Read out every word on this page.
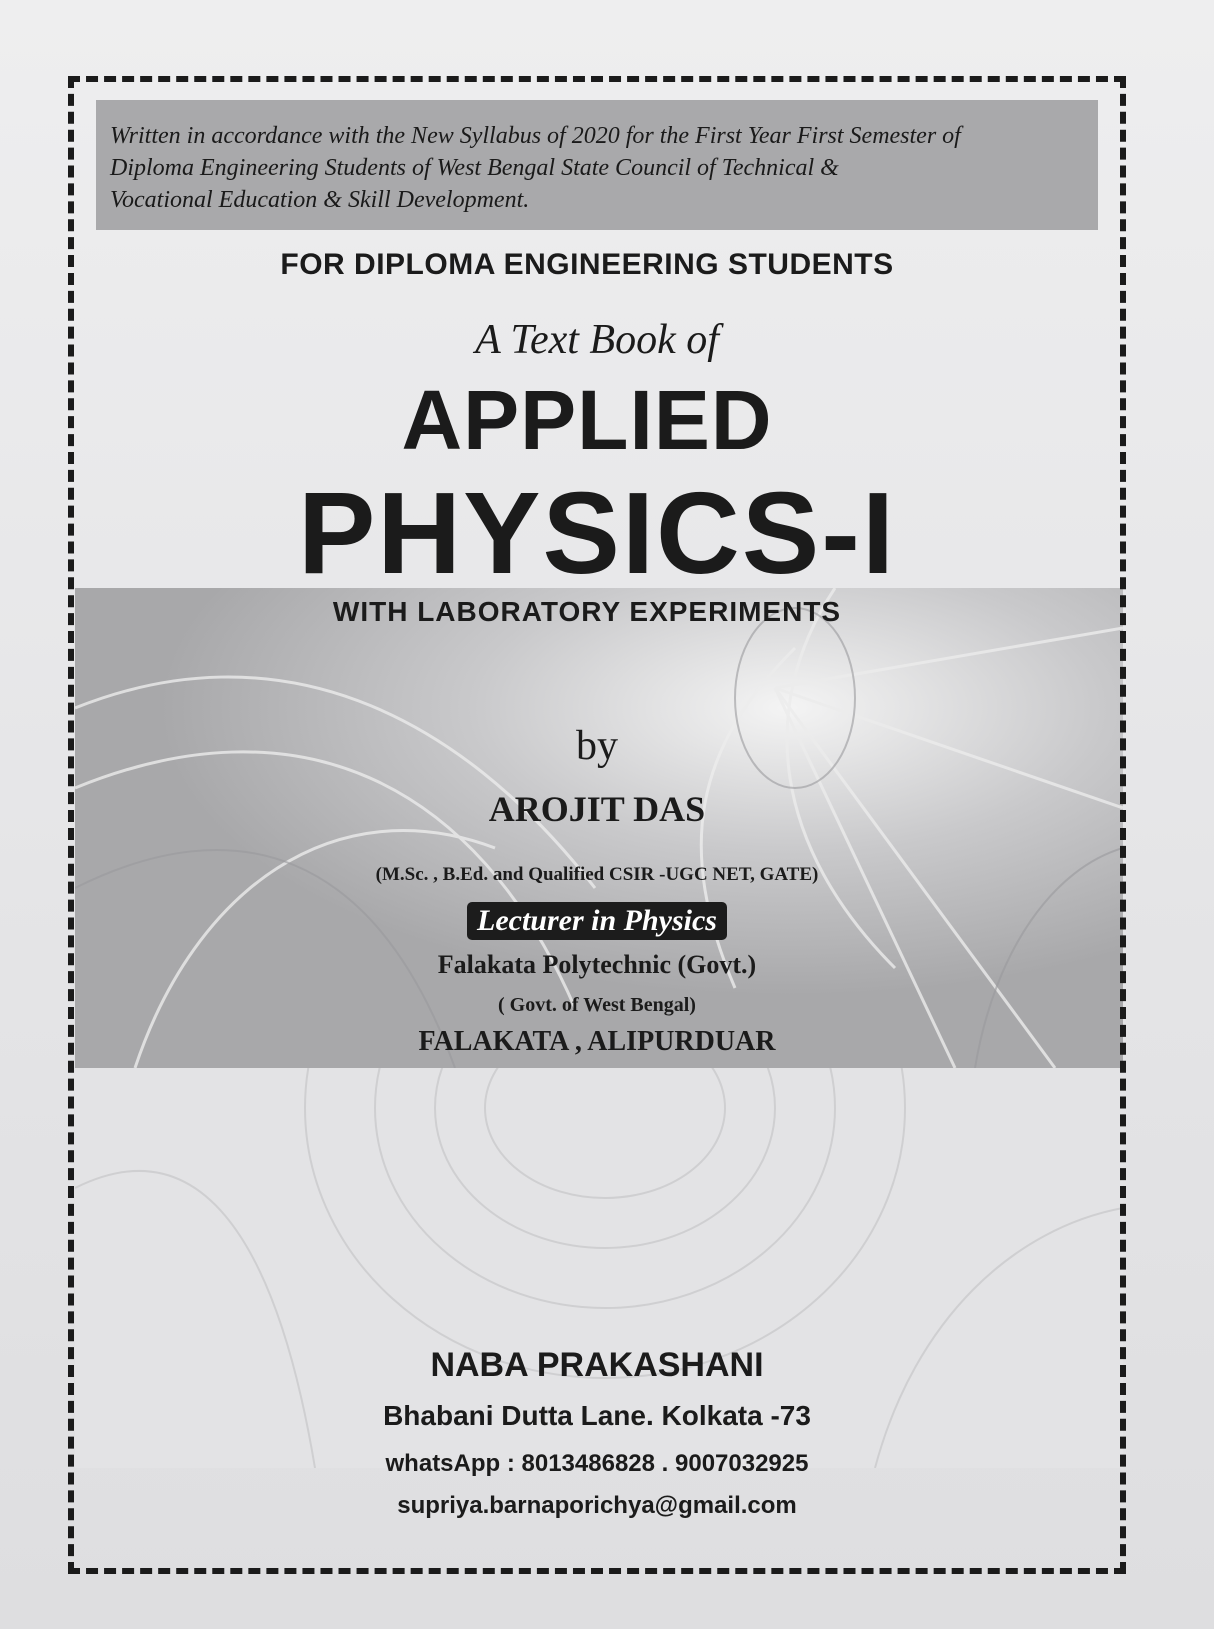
Written in accordance with the New Syllabus of 2020 for the First Year First Semester of
Diploma Engineering Students of West Bengal State Council of Technical &
Vocational Education & Skill Development.
FOR DIPLOMA ENGINEERING STUDENTS
A Text Book of
APPLIED
PHYSICS-I
WITH LABORATORY EXPERIMENTS
by
AROJIT DAS
(M.Sc. , B.Ed. and Qualified CSIR -UGC NET, GATE)
Lecturer in Physics
Falakata Polytechnic (Govt.)
( Govt. of West Bengal)
FALAKATA , ALIPURDUAR
NABA PRAKASHANI
Bhabani Dutta Lane. Kolkata -73
whatsApp : 8013486828 . 9007032925
supriya.barnaporichya@gmail.com
